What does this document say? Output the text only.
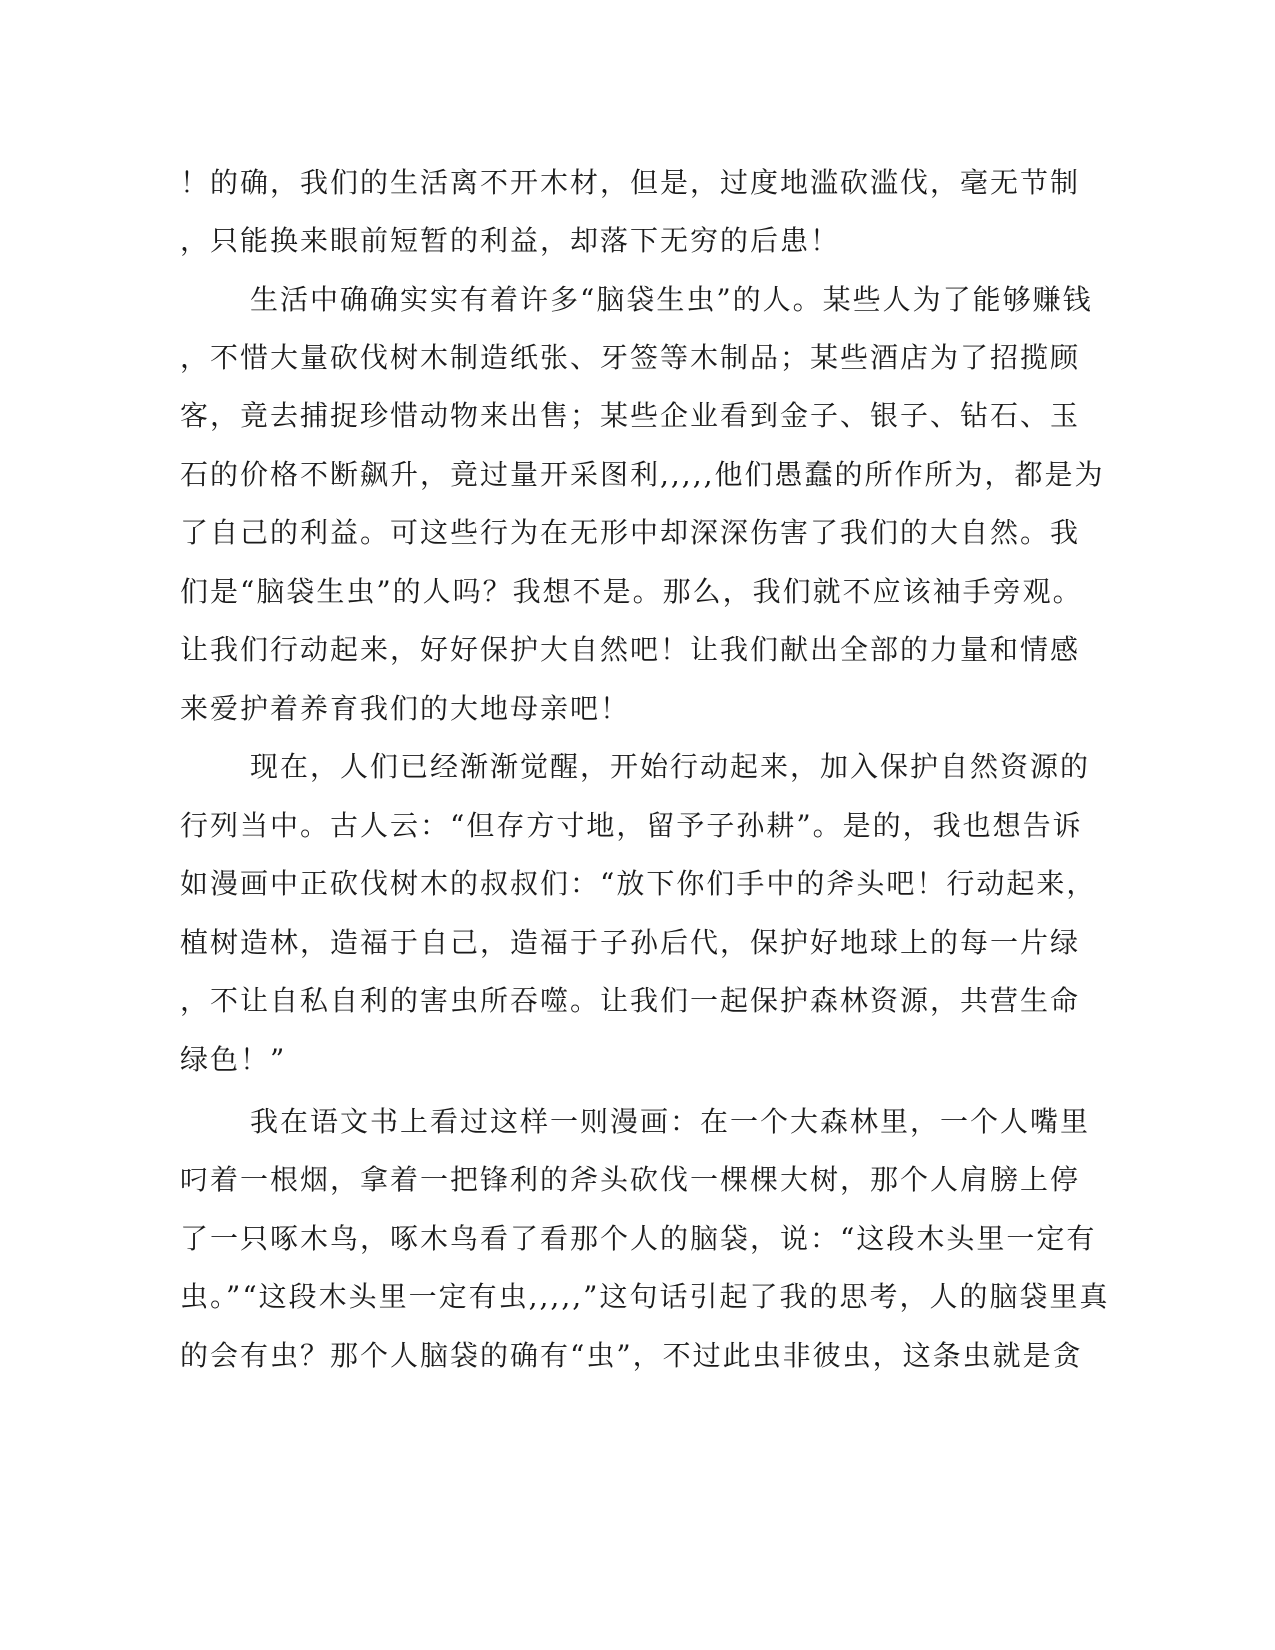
！的确，我们的生活离不开木材，但是，过度地滥砍滥伐，毫无节制
，只能换来眼前短暂的利益，却落下无穷的后患！
生活中确确实实有着许多“脑袋生虫”的人。某些人为了能够赚钱
，不惜大量砍伐树木制造纸张、牙签等木制品；某些酒店为了招揽顾
客，竟去捕捉珍惜动物来出售；某些企业看到金子、银子、钻石、玉
石的价格不断飙升，竟过量开采图利,,,,,他们愚蠢的所作所为，都是为
了自己的利益。可这些行为在无形中却深深伤害了我们的大自然。我
们是“脑袋生虫”的人吗？我想不是。那么，我们就不应该袖手旁观。
让我们行动起来，好好保护大自然吧！让我们献出全部的力量和情感
来爱护着养育我们的大地母亲吧！
现在，人们已经渐渐觉醒，开始行动起来，加入保护自然资源的
行列当中。古人云：“但存方寸地，留予子孙耕”。是的，我也想告诉
如漫画中正砍伐树木的叔叔们：“放下你们手中的斧头吧！行动起来，
植树造林，造福于自己，造福于子孙后代，保护好地球上的每一片绿
，不让自私自利的害虫所吞噬。让我们一起保护森林资源，共营生命
绿色！”
我在语文书上看过这样一则漫画：在一个大森林里，一个人嘴里
叼着一根烟，拿着一把锋利的斧头砍伐一棵棵大树，那个人肩膀上停
了一只啄木鸟，啄木鸟看了看那个人的脑袋，说：“这段木头里一定有
虫。”“这段木头里一定有虫,,,,,”这句话引起了我的思考，人的脑袋里真
的会有虫？那个人脑袋的确有“虫”，不过此虫非彼虫，这条虫就是贪
